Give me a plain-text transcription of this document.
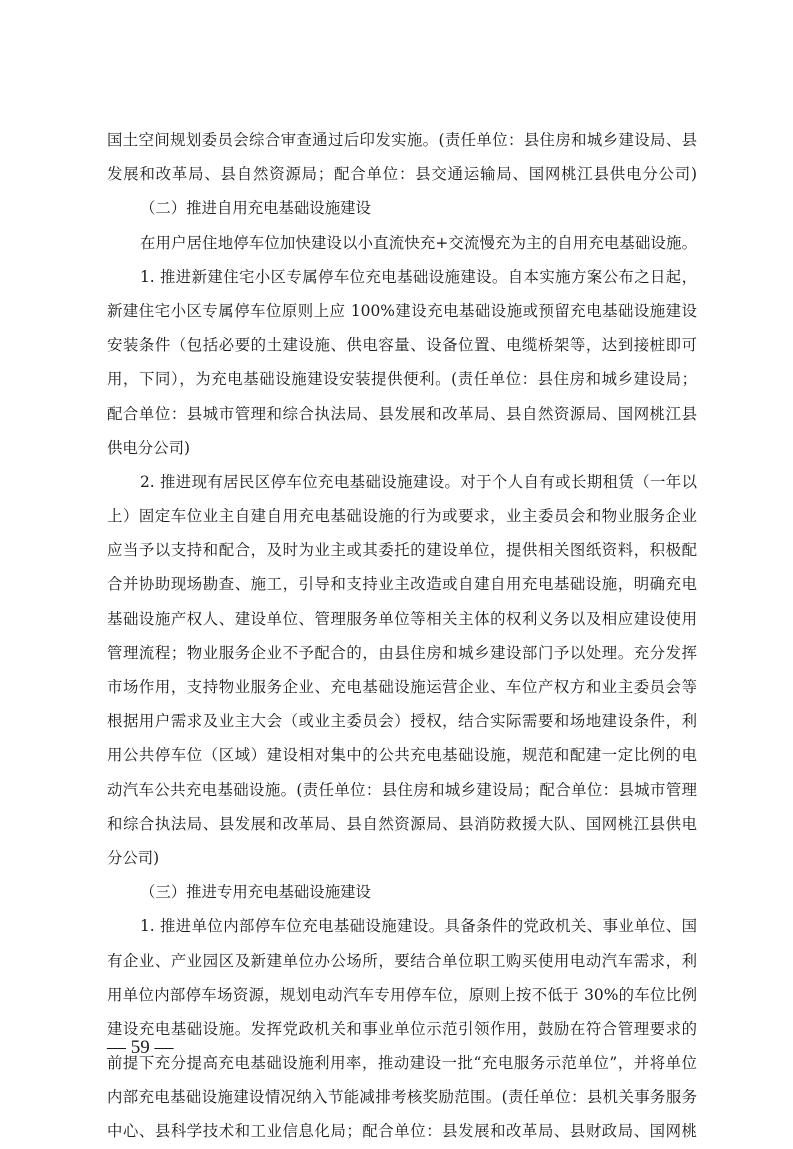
国土空间规划委员会综合审查通过后印发实施。(责任单位：县住房和城乡建设局、县
发展和改革局、县自然资源局；配合单位：县交通运输局、国网桃江县供电分公司)
（二）推进自用充电基础设施建设
在用户居住地停车位加快建设以小直流快充+交流慢充为主的自用充电基础设施。
1. 推进新建住宅小区专属停车位充电基础设施建设。自本实施方案公布之日起，
新建住宅小区专属停车位原则上应 100%建设充电基础设施或预留充电基础设施建设
安装条件（包括必要的土建设施、供电容量、设备位置、电缆桥架等，达到接桩即可
用，下同），为充电基础设施建设安装提供便利。(责任单位：县住房和城乡建设局；
配合单位：县城市管理和综合执法局、县发展和改革局、县自然资源局、国网桃江县
供电分公司)
2. 推进现有居民区停车位充电基础设施建设。对于个人自有或长期租赁（一年以
上）固定车位业主自建自用充电基础设施的行为或要求，业主委员会和物业服务企业
应当予以支持和配合，及时为业主或其委托的建设单位，提供相关图纸资料，积极配
合并协助现场勘查、施工，引导和支持业主改造或自建自用充电基础设施，明确充电
基础设施产权人、建设单位、管理服务单位等相关主体的权利义务以及相应建设使用
管理流程；物业服务企业不予配合的，由县住房和城乡建设部门予以处理。充分发挥
市场作用，支持物业服务企业、充电基础设施运营企业、车位产权方和业主委员会等
根据用户需求及业主大会（或业主委员会）授权，结合实际需要和场地建设条件，利
用公共停车位（区域）建设相对集中的公共充电基础设施，规范和配建一定比例的电
动汽车公共充电基础设施。(责任单位：县住房和城乡建设局；配合单位：县城市管理
和综合执法局、县发展和改革局、县自然资源局、县消防救援大队、国网桃江县供电
分公司)
（三）推进专用充电基础设施建设
1. 推进单位内部停车位充电基础设施建设。具备条件的党政机关、事业单位、国
有企业、产业园区及新建单位办公场所，要结合单位职工购买使用电动汽车需求，利
用单位内部停车场资源，规划电动汽车专用停车位，原则上按不低于 30%的车位比例
建设充电基础设施。发挥党政机关和事业单位示范引领作用，鼓励在符合管理要求的
前提下充分提高充电基础设施利用率，推动建设一批“充电服务示范单位”，并将单位
内部充电基础设施建设情况纳入节能减排考核奖励范围。(责任单位：县机关事务服务
中心、县科学技术和工业信息化局；配合单位：县发展和改革局、县财政局、国网桃
— 59 —
